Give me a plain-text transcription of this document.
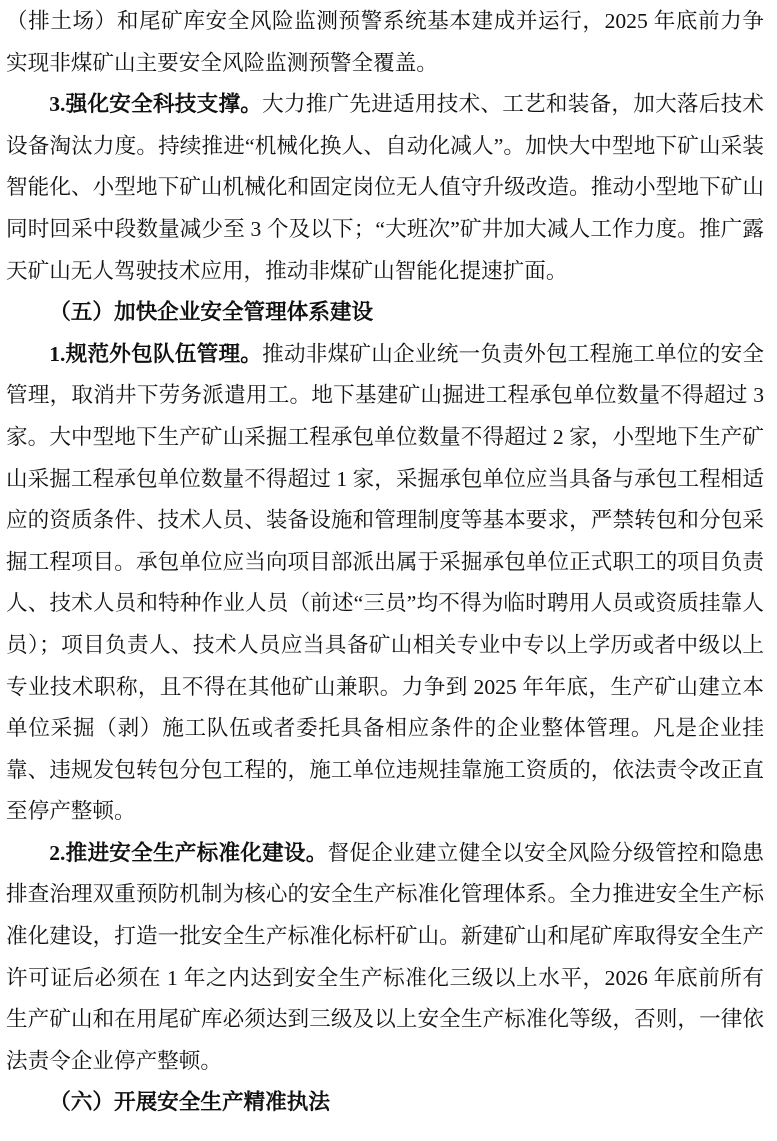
（排土场）和尾矿库安全风险监测预警系统基本建成并运行，2025 年底前力争实现非煤矿山主要安全风险监测预警全覆盖。

3.强化安全科技支撑。大力推广先进适用技术、工艺和装备，加大落后技术设备淘汰力度。持续推进“机械化换人、自动化减人”。加快大中型地下矿山采装智能化、小型地下矿山机械化和固定岗位无人值守升级改造。推动小型地下矿山同时回采中段数量减少至 3 个及以下；“大班次”矿井加大减人工作力度。推广露天矿山无人驾驶技术应用，推动非煤矿山智能化提速扩面。

（五）加快企业安全管理体系建设

1.规范外包队伍管理。推动非煤矿山企业统一负责外包工程施工单位的安全管理，取消井下劳务派遣用工。地下基建矿山掘进工程承包单位数量不得超过 3 家。大中型地下生产矿山采掘工程承包单位数量不得超过 2 家，小型地下生产矿山采掘工程承包单位数量不得超过 1 家，采掘承包单位应当具备与承包工程相适应的资质条件、技术人员、装备设施和管理制度等基本要求，严禁转包和分包采掘工程项目。承包单位应当向项目部派出属于采掘承包单位正式职工的项目负责人、技术人员和特种作业人员（前述“三员”均不得为临时聘用人员或资质挂靠人员）；项目负责人、技术人员应当具备矿山相关专业中专以上学历或者中级以上专业技术职称，且不得在其他矿山兼职。力争到 2025 年年底，生产矿山建立本单位采掘（剥）施工队伍或者委托具备相应条件的企业整体管理。凡是企业挂靠、违规发包转包分包工程的，施工单位违规挂靠施工资质的，依法责令改正直至停产整顿。

2.推进安全生产标准化建设。督促企业建立健全以安全风险分级管控和隐患排查治理双重预防机制为核心的安全生产标准化管理体系。全力推进安全生产标准化建设，打造一批安全生产标准化标杆矿山。新建矿山和尾矿库取得安全生产许可证后必须在 1 年之内达到安全生产标准化三级以上水平，2026 年底前所有生产矿山和在用尾矿库必须达到三级及以上安全生产标准化等级，否则，一律依法责令企业停产整顿。

（六）开展安全生产精准执法
